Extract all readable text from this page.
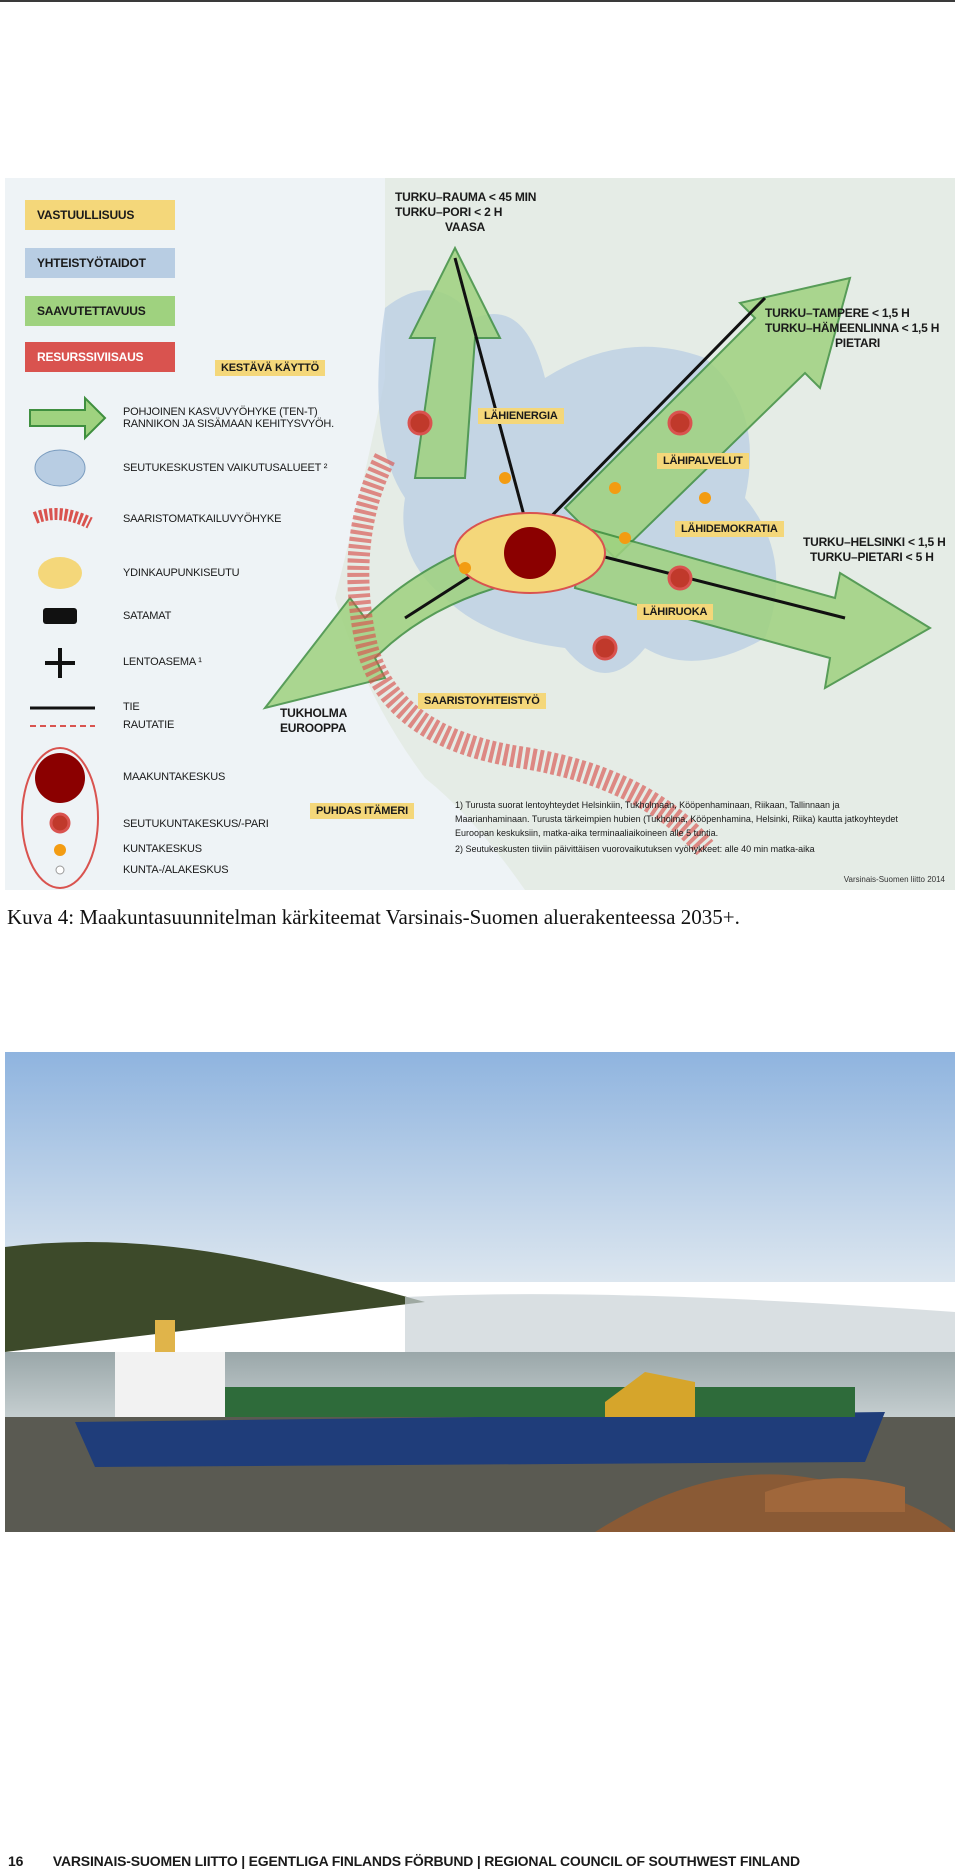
VASTUULLISUUS
YHTEISTYÖTAIDOT
SAAVUTETTAVUUS
RESURSSIVIISAUS
KESTÄVÄ KÄYTTÖ
POHJOINEN KASVUVYÖHYKE (TEN-T) RANNIKON JA SISÄMAAN KEHITYSVYÖH.
SEUTUKESKUSTEN VAIKUTUSALUEET ²
SAARISTOMATKAILUVYÖHYKE
YDINKAUPUNKISEUTU
SATAMAT
LENTOASEMA ¹
TIE
RAUTATIE
MAAKUNTAKESKUS
SEUTUKUNTAKESKUS/-PARI
KUNTAKESKUS
KUNTA-/ALAKESKUS
PUHDAS ITÄMERI
TURKU–RAUMA < 45 MIN
TURKU–PORI < 2 H
VAASA
TURKU–TAMPERE < 1,5 H
TURKU–HÄMEENLINNA < 1,5 H
PIETARI
TURKU–HELSINKI < 1,5 H
TURKU–PIETARI < 5 H
TUKHOLMA
EUROOPPA
LÄHIENERGIA
LÄHIPALVELUT
LÄHIDEMOKRATIA
LÄHIRUOKA
SAARISTOYHTEISTYÖ

1) Turusta suorat lentoyhteydet Helsinkiin, Tukholmaan, Kööpenhaminaan, Riikaan, Tallinnaan ja Maarianhaminaan. Turusta tärkeimpien hubien (Tukholma, Kööpenhamina, Helsinki, Riika) kautta jatkoyhteydet Euroopan keskuksiin, matka-aika terminaaliaikoineen alle 5 tuntia.

2) Seutukeskusten tiiviin päivittäisen vuorovaikutuksen vyöhykkeet: alle 40 min matka-aika

Varsinais-Suomen liitto 2014
Kuva 4: Maakuntasuunnitelman kärkiteemat Varsinais-Suomen aluerakenteessa 2035+.
16 VARSINAIS-SUOMEN LIITTO | EGENTLIGA FINLANDS FÖRBUND | REGIONAL COUNCIL OF SOUTHWEST FINLAND
